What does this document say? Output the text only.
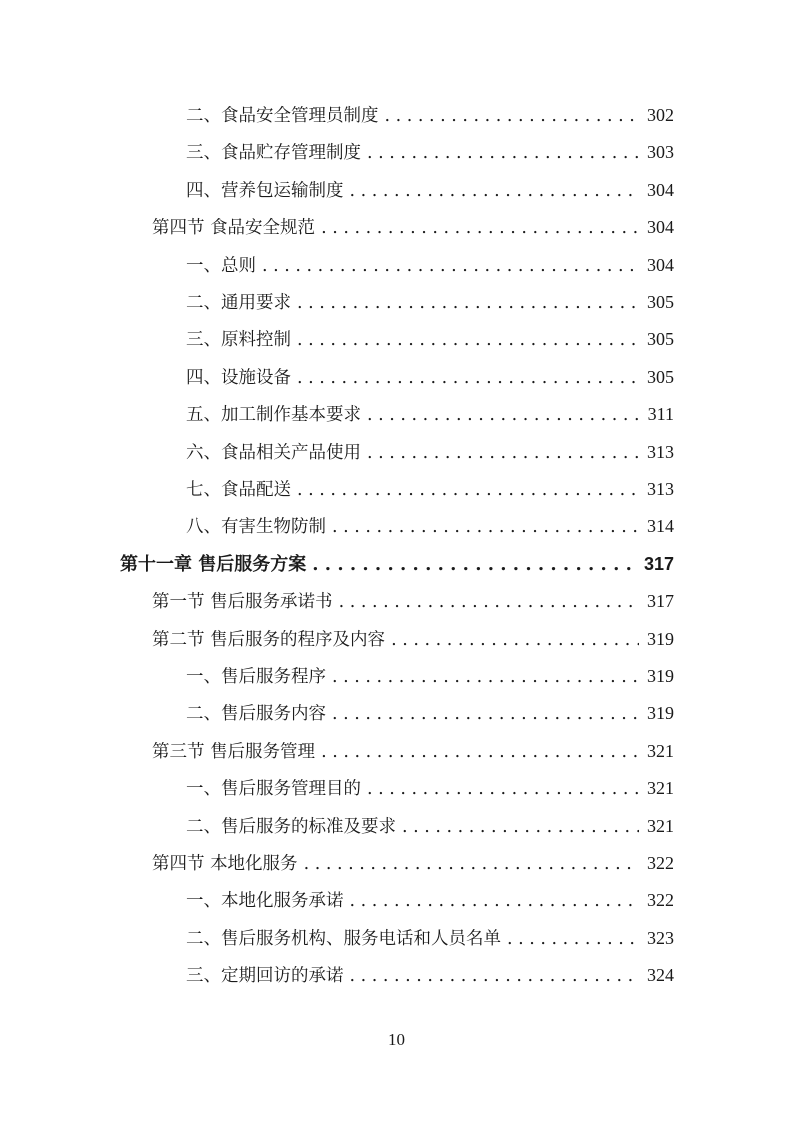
二、食品安全管理员制度 . . .	302
三、食品贮存管理制度 . . .	303
四、营养包运输制度 . . .	304
第四节 食品安全规范 . . .	304
一、总则 . . .	304
二、通用要求 . . .	305
三、原料控制 . . .	305
四、设施设备 . . .	305
五、加工制作基本要求 . . .	311
六、食品相关产品使用 . . .	313
七、食品配送 . . .	313
八、有害生物防制 . . .	314
第十一章 售后服务方案 . . .	317
第一节 售后服务承诺书 . . .	317
第二节 售后服务的程序及内容 . . .	319
一、售后服务程序 . . .	319
二、售后服务内容 . . .	319
第三节 售后服务管理 . . .	321
一、售后服务管理目的 . . .	321
二、售后服务的标准及要求 . . .	321
第四节 本地化服务 . . .	322
一、本地化服务承诺 . . .	322
二、售后服务机构、服务电话和人员名单 . . .	323
三、定期回访的承诺 . . .	324
10
